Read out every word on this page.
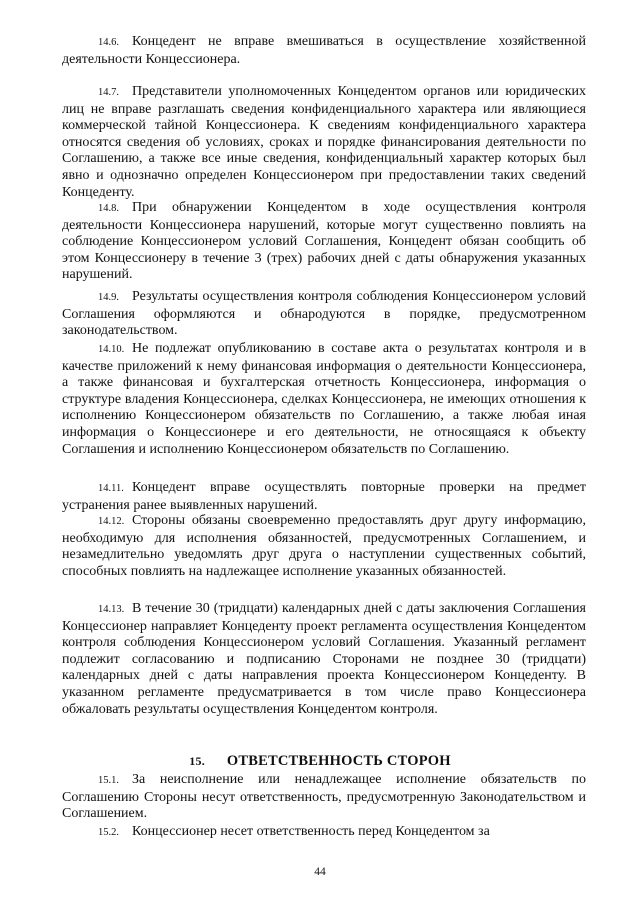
14.6. Концедент не вправе вмешиваться в осуществление хозяйственной деятельности Концессионера.

14.7. Представители уполномоченных Концедентом органов или юридических лиц не вправе разглашать сведения конфиденциального характера или являющиеся коммерческой тайной Концессионера. К сведениям конфиденциального характера относятся сведения об условиях, сроках и порядке финансирования деятельности по Соглашению, а также все иные сведения, конфиденциальный характер которых был явно и однозначно определен Концессионером при предоставлении таких сведений Концеденту.

14.8. При обнаружении Концедентом в ходе осуществления контроля деятельности Концессионера нарушений, которые могут существенно повлиять на соблюдение Концессионером условий Соглашения, Концедент обязан сообщить об этом Концессионеру в течение 3 (трех) рабочих дней с даты обнаружения указанных нарушений.

14.9. Результаты осуществления контроля соблюдения Концессионером условий Соглашения оформляются и обнародуются в порядке, предусмотренном законодательством.

14.10. Не подлежат опубликованию в составе акта о результатах контроля и в качестве приложений к нему финансовая информация о деятельности Концессионера, а также финансовая и бухгалтерская отчетность Концессионера, информация о структуре владения Концессионера, сделках Концессионера, не имеющих отношения к исполнению Концессионером обязательств по Соглашению, а также любая иная информация о Концессионере и его деятельности, не относящаяся к объекту Соглашения и исполнению Концессионером обязательств по Соглашению.

14.11. Концедент вправе осуществлять повторные проверки на предмет устранения ранее выявленных нарушений.

14.12. Стороны обязаны своевременно предоставлять друг другу информацию, необходимую для исполнения обязанностей, предусмотренных Соглашением, и незамедлительно уведомлять друг друга о наступлении существенных событий, способных повлиять на надлежащее исполнение указанных обязанностей.

14.13. В течение 30 (тридцати) календарных дней с даты заключения Соглашения Концессионер направляет Концеденту проект регламента осуществления Концедентом контроля соблюдения Концессионером условий Соглашения. Указанный регламент подлежит согласованию и подписанию Сторонами не позднее 30 (тридцати) календарных дней с даты направления проекта Концессионером Концеденту. В указанном регламенте предусматривается в том числе право Концессионера обжаловать результаты осуществления Концедентом контроля.

15. ОТВЕТСТВЕННОСТЬ СТОРОН

15.1. За неисполнение или ненадлежащее исполнение обязательств по Соглашению Стороны несут ответственность, предусмотренную Законодательством и Соглашением.

15.2. Концессионер несет ответственность перед Концедентом за

44
